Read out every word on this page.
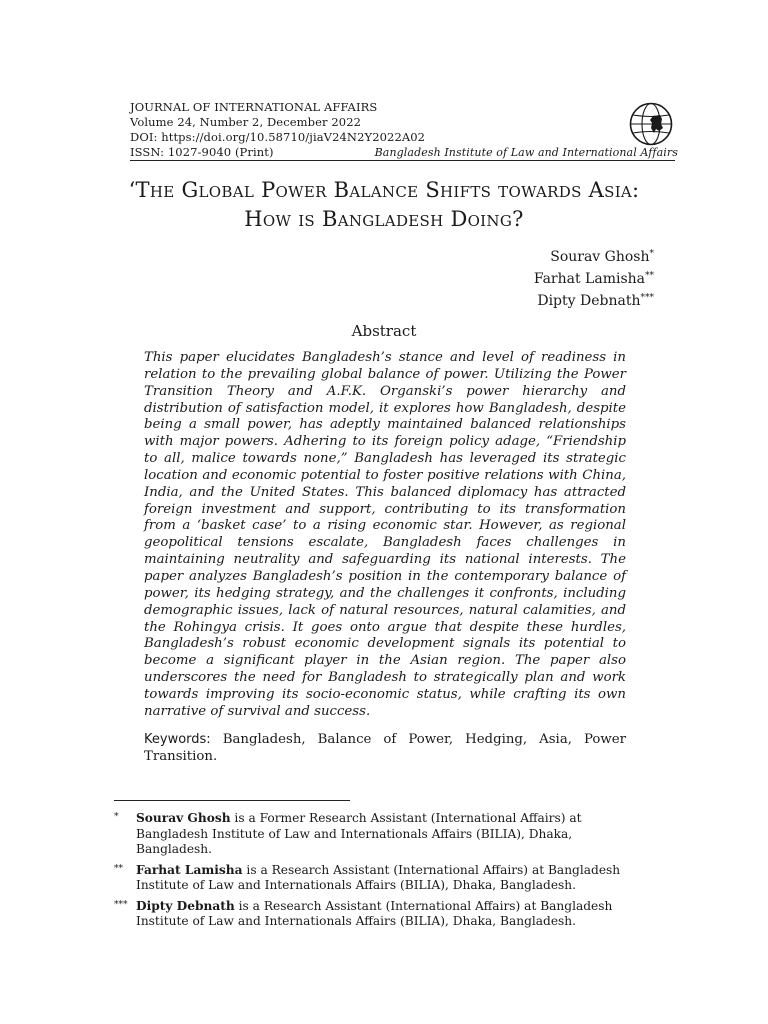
JOURNAL OF INTERNATIONAL AFFAIRS
Volume 24, Number 2, December 2022
DOI: https://doi.org/10.58710/jiaV24N2Y2022A02
ISSN: 1027-9040 (Print)	Bangladesh Institute of Law and International Affairs
‘The Global Power Balance Shifts towards Asia:
How is Bangladesh Doing?
Sourav Ghosh*
Farhat Lamisha**
Dipty Debnath***
Abstract
This paper elucidates Bangladesh’s stance and level of readiness in relation to the prevailing global balance of power. Utilizing the Power Transition Theory and A.F.K. Organski’s power hierarchy and distribution of satisfaction model, it explores how Bangladesh, despite being a small power, has adeptly maintained balanced relationships with major powers. Adhering to its foreign policy adage, “Friendship to all, malice towards none,” Bangladesh has leveraged its strategic location and economic potential to foster positive relations with China, India, and the United States. This balanced diplomacy has attracted foreign investment and support, contributing to its transformation from a ‘basket case’ to a rising economic star. However, as regional geopolitical tensions escalate, Bangladesh faces challenges in maintaining neutrality and safeguarding its national interests. The paper analyzes Bangladesh’s position in the contemporary balance of power, its hedging strategy, and the challenges it confronts, including demographic issues, lack of natural resources, natural calamities, and the Rohingya crisis. It goes onto argue that despite these hurdles, Bangladesh’s robust economic development signals its potential to become a significant player in the Asian region. The paper also underscores the need for Bangladesh to strategically plan and work towards improving its socio-economic status, while crafting its own narrative of survival and success.
Keywords: Bangladesh, Balance of Power, Hedging, Asia, Power Transition.
*	Sourav Ghosh is a Former Research Assistant (International Affairs) at Bangladesh Institute of Law and Internationals Affairs (BILIA), Dhaka, Bangladesh.
**	Farhat Lamisha is a Research Assistant (International Affairs) at Bangladesh Institute of Law and Internationals Affairs (BILIA), Dhaka, Bangladesh.
*** Dipty Debnath is a Research Assistant (International Affairs) at Bangladesh Institute of Law and Internationals Affairs (BILIA), Dhaka, Bangladesh.
